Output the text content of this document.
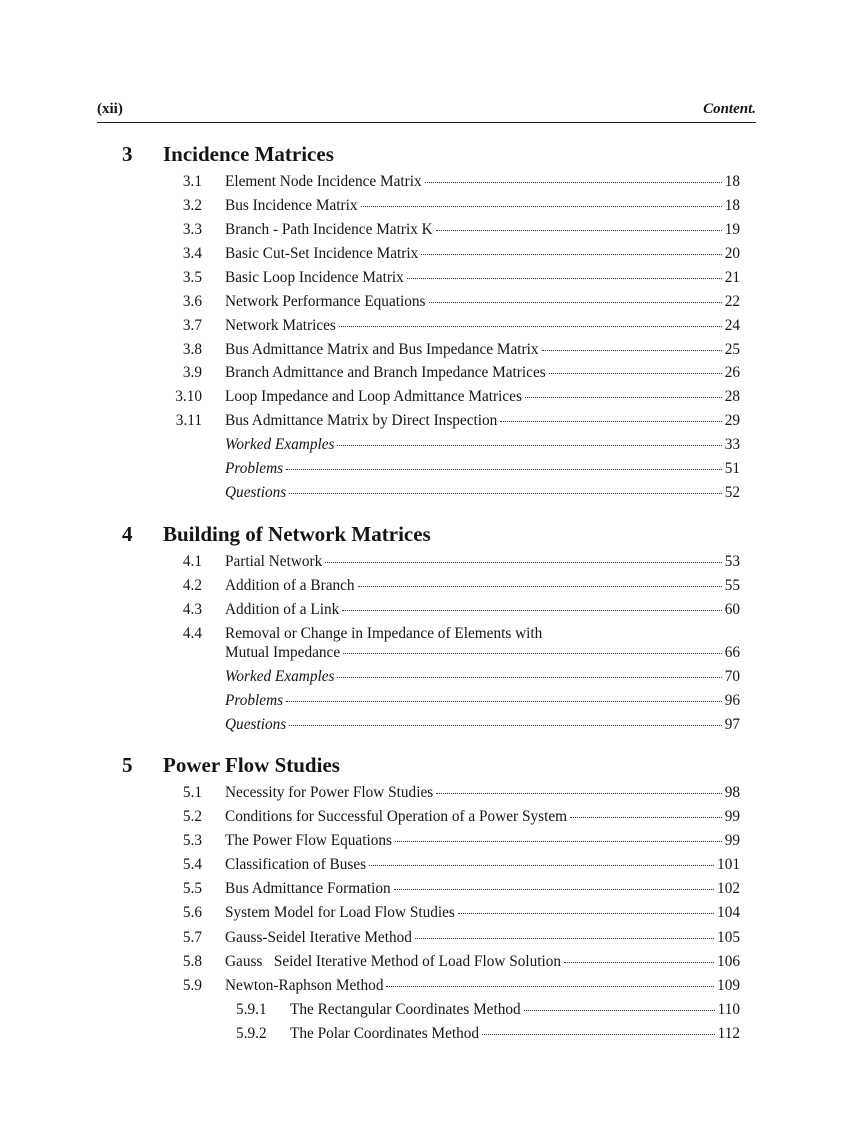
(xii)	Content.
3 Incidence Matrices
3.1 Element Node Incidence Matrix	18
3.2 Bus Incidence Matrix	18
3.3 Branch - Path Incidence Matrix K	19
3.4 Basic Cut-Set Incidence Matrix	20
3.5 Basic Loop Incidence Matrix	21
3.6 Network Performance Equations	22
3.7 Network Matrices	24
3.8 Bus Admittance Matrix and Bus Impedance Matrix	25
3.9 Branch Admittance and Branch Impedance Matrices	26
3.10 Loop Impedance and Loop Admittance Matrices	28
3.11 Bus Admittance Matrix by Direct Inspection	29
Worked Examples	33
Problems	51
Questions	52
4 Building of Network Matrices
4.1 Partial Network	53
4.2 Addition of a Branch	55
4.3 Addition of a Link	60
4.4 Removal or Change in Impedance of Elements with
Mutual Impedance	66
Worked Examples	70
Problems	96
Questions	97
5 Power Flow Studies
5.1 Necessity for Power Flow Studies	98
5.2 Conditions for Successful Operation of a Power System	99
5.3 The Power Flow Equations	99
5.4 Classification of Buses	101
5.5 Bus Admittance Formation	102
5.6 System Model for Load Flow Studies	104
5.7 Gauss-Seidel Iterative Method	105
5.8 Gauss   Seidel Iterative Method of Load Flow Solution	106
5.9 Newton-Raphson Method	109
5.9.1 The Rectangular Coordinates Method	110
5.9.2 The Polar Coordinates Method	112
